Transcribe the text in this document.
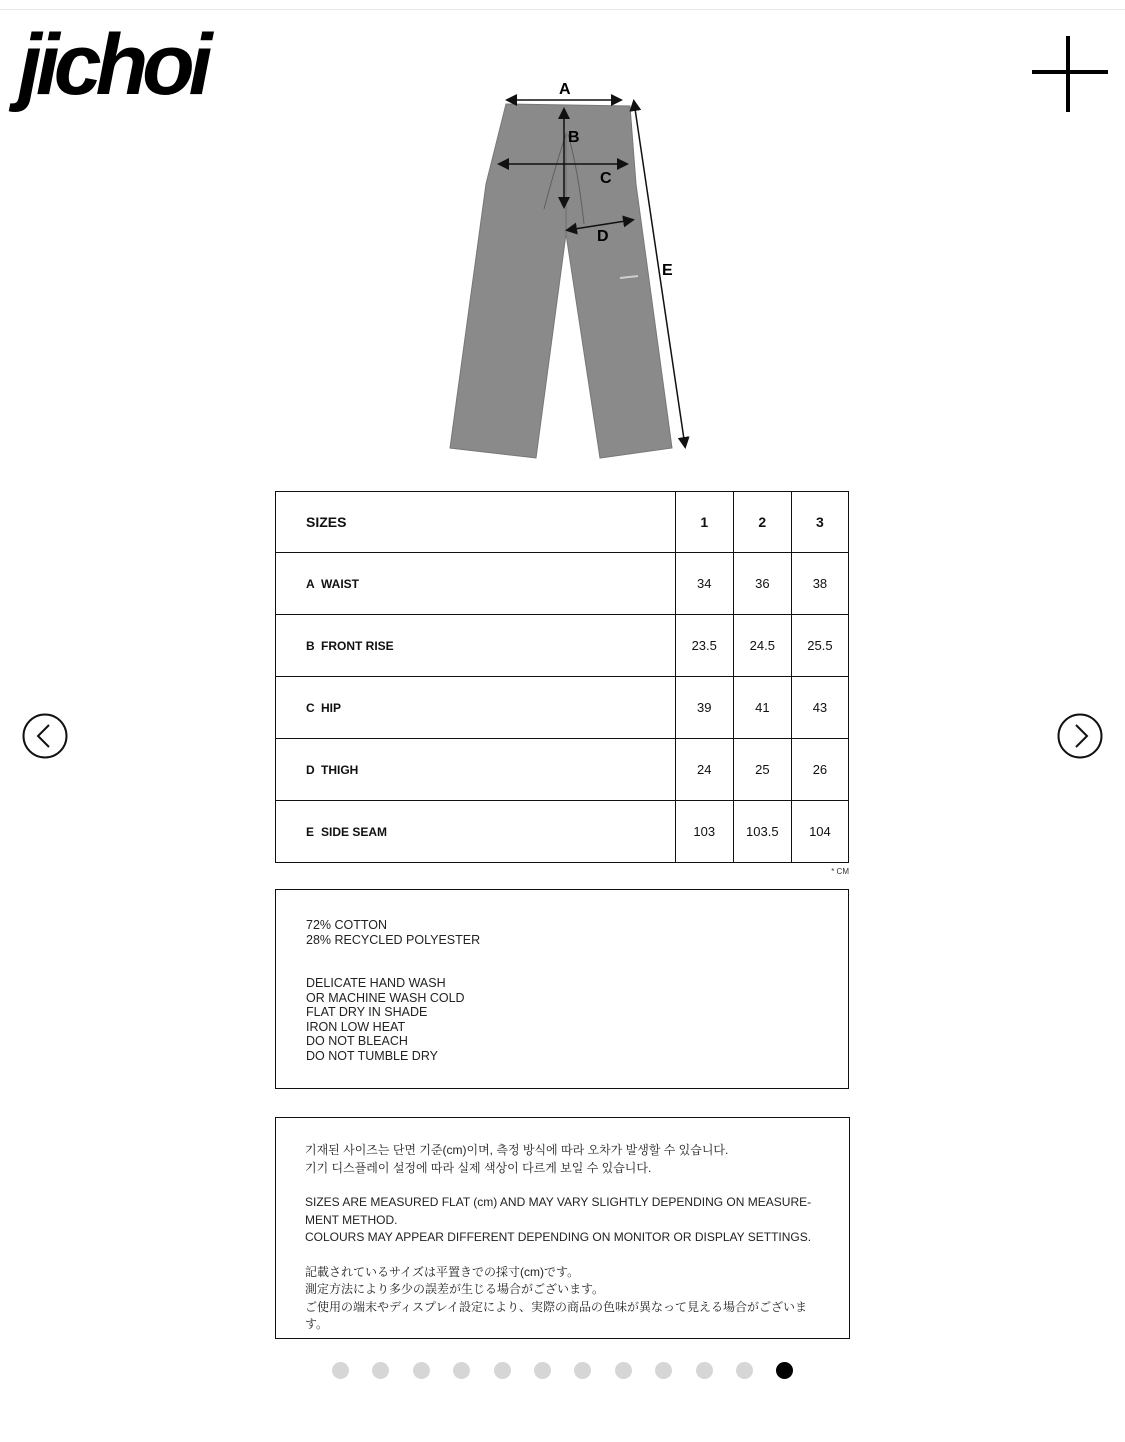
jichoi	A
B
C
D
E
SIZES	1	2	3
A WAIST	34	36	38
B FRONT RISE	23.5	24.5	25.5
C HIP	39	41	43
D THIGH	24	25	26
E SIDE SEAM	103	103.5	104
* CM
72% COTTON
28% RECYCLED POLYESTER
DELICATE HAND WASH
OR MACHINE WASH COLD
FLAT DRY IN SHADE
IRON LOW HEAT
DO NOT BLEACH
DO NOT TUMBLE DRY
기재된 사이즈는 단면 기준(cm)이며, 측정 방식에 따라 오차가 발생할 수 있습니다.
기기 디스플레이 설정에 따라 실제 색상이 다르게 보일 수 있습니다.
SIZES ARE MEASURED FLAT (cm) AND MAY VARY SLIGHTLY DEPENDING ON MEASURE-
MENT METHOD.
COLOURS MAY APPEAR DIFFERENT DEPENDING ON MONITOR OR DISPLAY SETTINGS.
記載されているサイズは平置きでの採寸(cm)です。
測定方法により多少の誤差が生じる場合がございます。
ご使用の端末やディスプレイ設定により、実際の商品の色味が異なって見える場合がございます。
